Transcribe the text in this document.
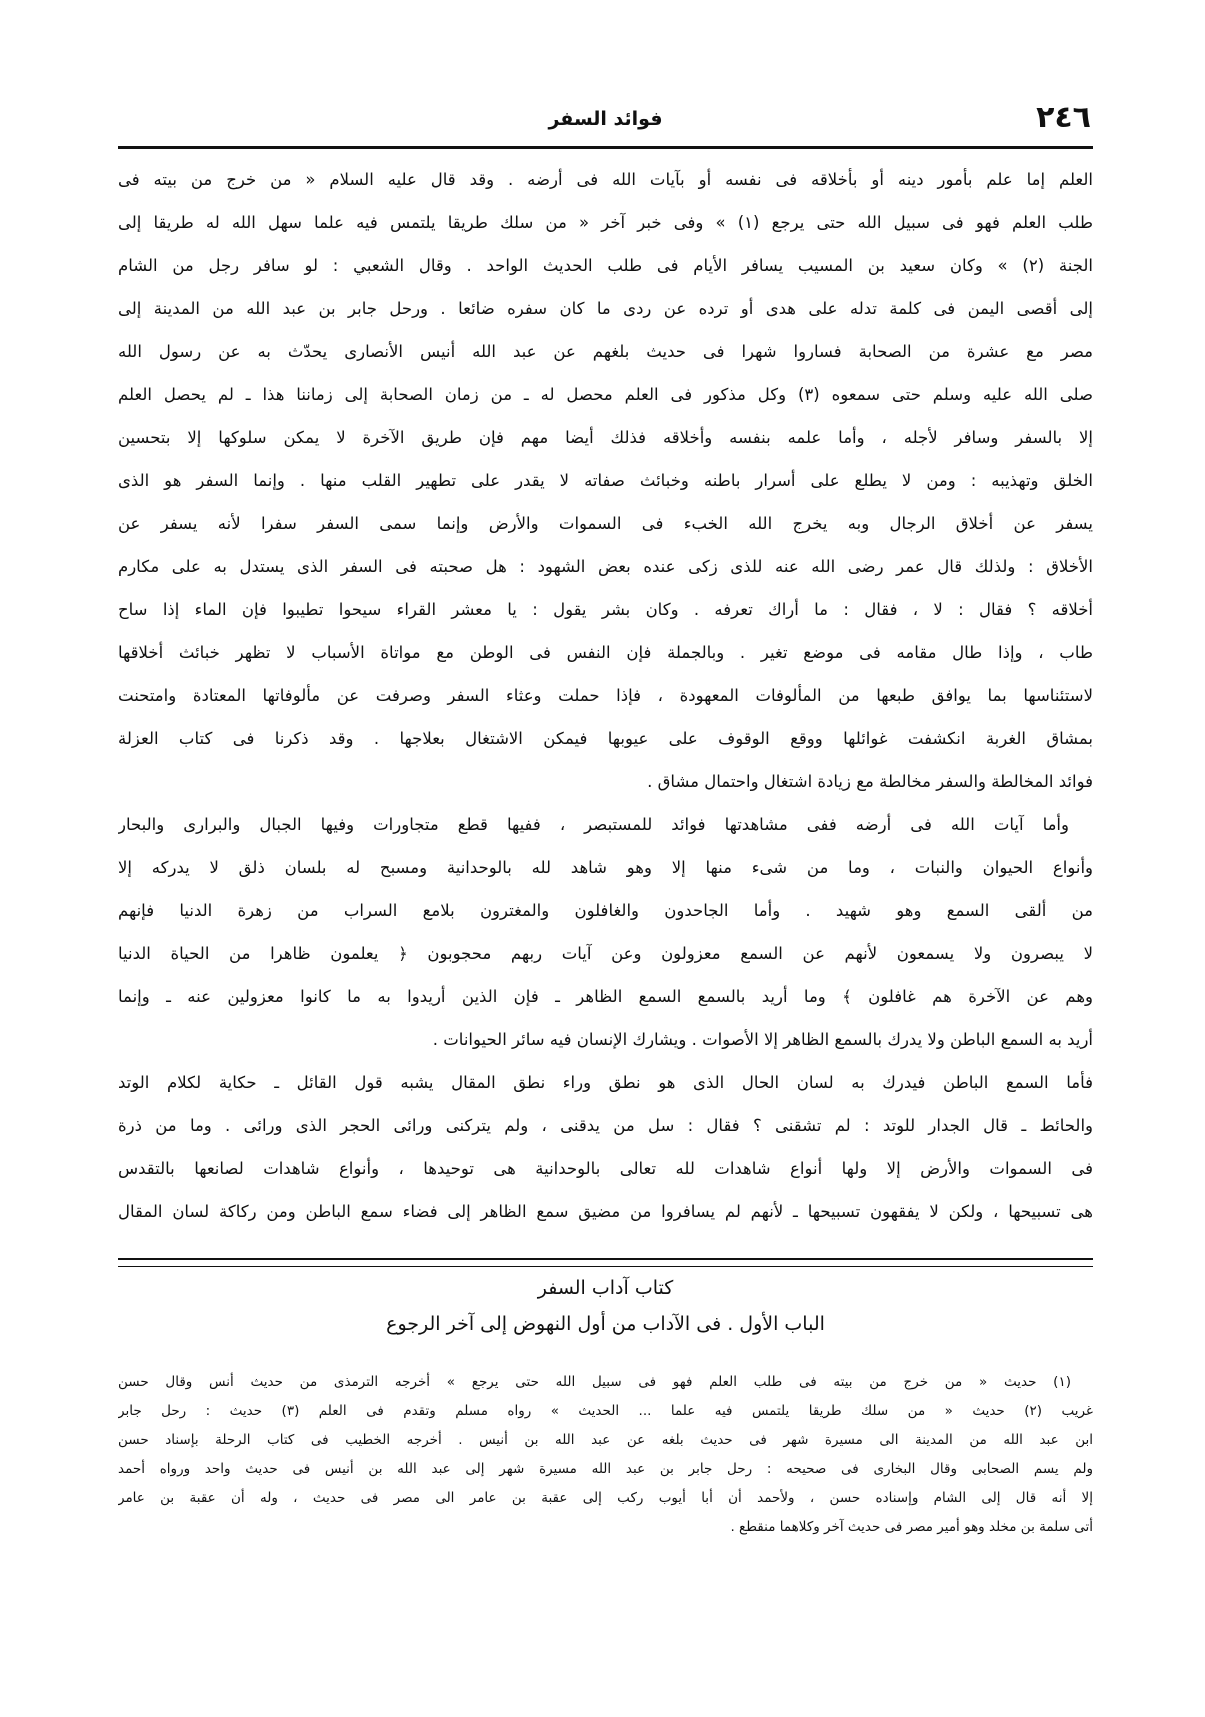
٢٤٦
فوائد السفر
العلم إما علم بأمور دينه أو بأخلاقه فى نفسه أو بآيات الله فى أرضه . وقد قال عليه السلام « من خرج من بيته فى
طلب العلم فهو فى سبيل الله حتى يرجع (١) » وفى خبر آخر « من سلك طريقا يلتمس فيه علما سهل الله له طريقا إلى
الجنة (٢) » وكان سعيد بن المسيب يسافر الأيام فى طلب الحديث الواحد . وقال الشعبي : لو سافر رجل من الشام
إلى أقصى اليمن فى كلمة تدله على هدى أو ترده عن ردى ما كان سفره ضائعا . ورحل جابر بن عبد الله من المدينة إلى
مصر مع عشرة من الصحابة فساروا شهرا فى حديث بلغهم عن عبد الله أنيس الأنصارى يحدّث به عن رسول الله
صلى الله عليه وسلم حتى سمعوه (٣) وكل مذكور فى العلم محصل له ـ من زمان الصحابة إلى زماننا هذا ـ لم يحصل العلم
إلا بالسفر وسافر لأجله ، وأما علمه بنفسه وأخلاقه فذلك أيضا مهم فإن طريق الآخرة لا يمكن سلوكها إلا بتحسين
الخلق وتهذيبه : ومن لا يطلع على أسرار باطنه وخبائث صفاته لا يقدر على تطهير القلب منها . وإنما السفر هو الذى
يسفر عن أخلاق الرجال وبه يخرج الله الخبء فى السموات والأرض وإنما سمى السفر سفرا لأنه يسفر عن
الأخلاق : ولذلك قال عمر رضى الله عنه للذى زكى عنده بعض الشهود : هل صحبته فى السفر الذى يستدل به على مكارم
أخلاقه ؟ فقال : لا ، فقال : ما أراك تعرفه . وكان بشر يقول : يا معشر القراء سيحوا تطيبوا فإن الماء إذا ساح
طاب ، وإذا طال مقامه فى موضع تغير . وبالجملة فإن النفس فى الوطن مع مواتاة الأسباب لا تظهر خبائث أخلاقها
لاستئناسها بما يوافق طبعها من المألوفات المعهودة ، فإذا حملت وعثاء السفر وصرفت عن مألوفاتها المعتادة وامتحنت
بمشاق الغربة انكشفت غوائلها ووقع الوقوف على عيوبها فيمكن الاشتغال بعلاجها . وقد ذكرنا فى كتاب العزلة
فوائد المخالطة والسفر مخالطة مع زيادة اشتغال واحتمال مشاق .
وأما آيات الله فى أرضه ففى مشاهدتها فوائد للمستبصر ، ففيها قطع متجاورات وفيها الجبال والبرارى والبحار
وأنواع الحيوان والنبات ، وما من شىء منها إلا وهو شاهد لله بالوحدانية ومسبح له بلسان ذلق لا يدركه إلا
من ألقى السمع وهو شهيد . وأما الجاحدون والغافلون والمغترون بلامع السراب من زهرة الدنيا فإنهم
لا يبصرون ولا يسمعون لأنهم عن السمع معزولون وعن آيات ربهم محجوبون ﴿ يعلمون ظاهرا من الحياة الدنيا
وهم عن الآخرة هم غافلون ﴾ وما أريد بالسمع السمع الظاهر ـ فإن الذين أريدوا به ما كانوا معزولين عنه ـ وإنما
أريد به السمع الباطن ولا يدرك بالسمع الظاهر إلا الأصوات . ويشارك الإنسان فيه سائر الحيوانات .
فأما السمع الباطن فيدرك به لسان الحال الذى هو نطق وراء نطق المقال يشبه قول القائل ـ حكاية لكلام الوتد
والحائط ـ قال الجدار للوتد : لم تشقنى ؟ فقال : سل من يدقنى ، ولم يتركنى ورائى الحجر الذى ورائى . وما من ذرة
فى السموات والأرض إلا ولها أنواع شاهدات لله تعالى بالوحدانية هى توحيدها ، وأنواع شاهدات لصانعها بالتقدس
هى تسبيحها ، ولكن لا يفقهون تسبيحها ـ لأنهم لم يسافروا من مضيق سمع الظاهر إلى فضاء سمع الباطن ومن ركاكة لسان المقال
كتاب آداب السفر
الباب الأول . فى الآداب من أول النهوض إلى آخر الرجوع
(١) حديث « من خرج من بيته فى طلب العلم فهو فى سبيل الله حتى يرجع » أخرجه الترمذى من حديث أنس وقال حسن
غريب (٢) حديث « من سلك طريقا يلتمس فيه علما ... الحديث » رواه مسلم وتقدم فى العلم (٣) حديث : رحل جابر
ابن عبد الله من المدينة الى مسيرة شهر فى حديث بلغه عن عبد الله بن أنيس . أخرجه الخطيب فى كتاب الرحلة بإسناد حسن
ولم يسم الصحابى وقال البخارى فى صحيحه : رحل جابر بن عبد الله مسيرة شهر إلى عبد الله بن أنيس فى حديث واحد ورواه أحمد
إلا أنه قال إلى الشام وإسناده حسن ، ولأحمد أن أبا أيوب ركب إلى عقبة بن عامر الى مصر فى حديث ، وله أن عقبة بن عامر
أتى سلمة بن مخلد وهو أمير مصر فى حديث آخر وكلاهما منقطع .
